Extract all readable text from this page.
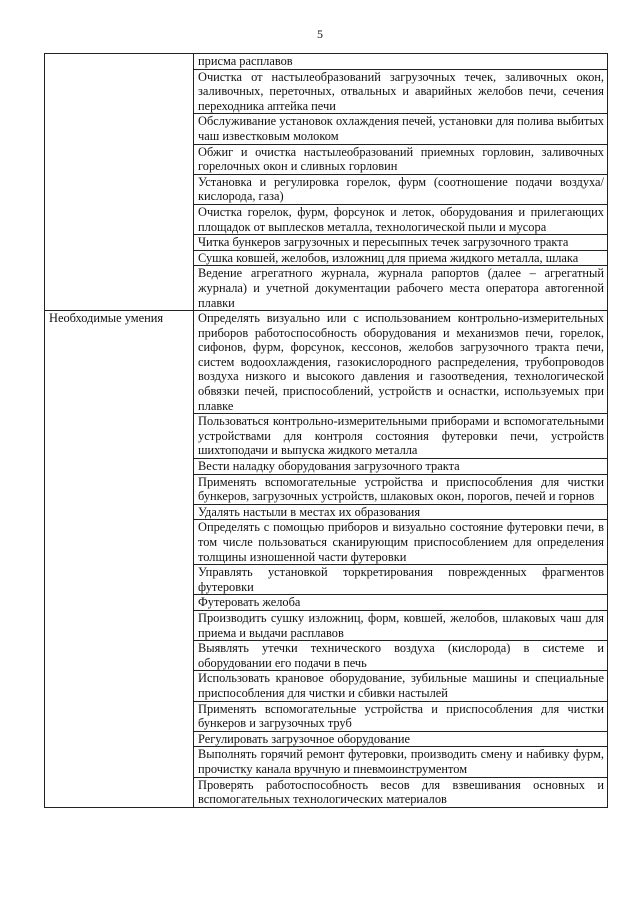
5
	присма расплавов
	Очистка от настылеобразований загрузочных течек, заливочных окон, заливочных, переточных, отвальных и аварийных желобов печи, сечения переходника аптейка печи
	Обслуживание установок охлаждения печей, установки для полива выбитых чаш известковым молоком
	Обжиг и очистка настылеобразований приемных горловин, заливочных горелочных окон и сливных горловин
	Установка и регулировка горелок, фурм (соотношение подачи воздуха/кислорода, газа)
	Очистка горелок, фурм, форсунок и леток, оборудования и прилегающих площадок от выплесков металла, технологической пыли и мусора
	Читка бункеров загрузочных и пересыпных течек загрузочного тракта
	Сушка ковшей, желобов, изложниц для приема жидкого металла, шлака
	Ведение агрегатного журнала, журнала рапортов (далее – агрегатный журнала) и учетной документации рабочего места оператора автогенной плавки
Необходимые умения	Определять визуально или с использованием контрольно-измерительных приборов работоспособность оборудования и механизмов печи, горелок, сифонов, фурм, форсунок, кессонов, желобов загрузочного тракта печи, систем водоохлаждения, газокислородного распределения, трубопроводов воздуха низкого и высокого давления и газоотведения, технологической обвязки печей, приспособлений, устройств и оснастки, используемых при плавке
	Пользоваться контрольно-измерительными приборами и вспомогательными устройствами для контроля состояния футеровки печи, устройств шихтоподачи и выпуска жидкого металла
	Вести наладку оборудования загрузочного тракта
	Применять вспомогательные устройства и приспособления для чистки бункеров, загрузочных устройств, шлаковых окон, порогов, печей и горнов
	Удалять настыли в местах их образования
	Определять с помощью приборов и визуально состояние футеровки печи, в том числе пользоваться сканирующим приспособлением для определения толщины изношенной части футеровки
	Управлять установкой торкретирования поврежденных фрагментов футеровки
	Футеровать желоба
	Производить сушку изложниц, форм, ковшей, желобов, шлаковых чаш для приема и выдачи расплавов
	Выявлять утечки технического воздуха (кислорода) в системе и оборудовании его подачи в печь
	Использовать крановое оборудование, зубильные машины и специальные приспособления для чистки и сбивки настылей
	Применять вспомогательные устройства и приспособления для чистки бункеров и загрузочных труб
	Регулировать загрузочное оборудование
	Выполнять горячий ремонт футеровки, производить смену и набивку фурм, прочистку канала вручную и пневмоинструментом
	Проверять работоспособность весов для взвешивания основных и вспомогательных технологических материалов
